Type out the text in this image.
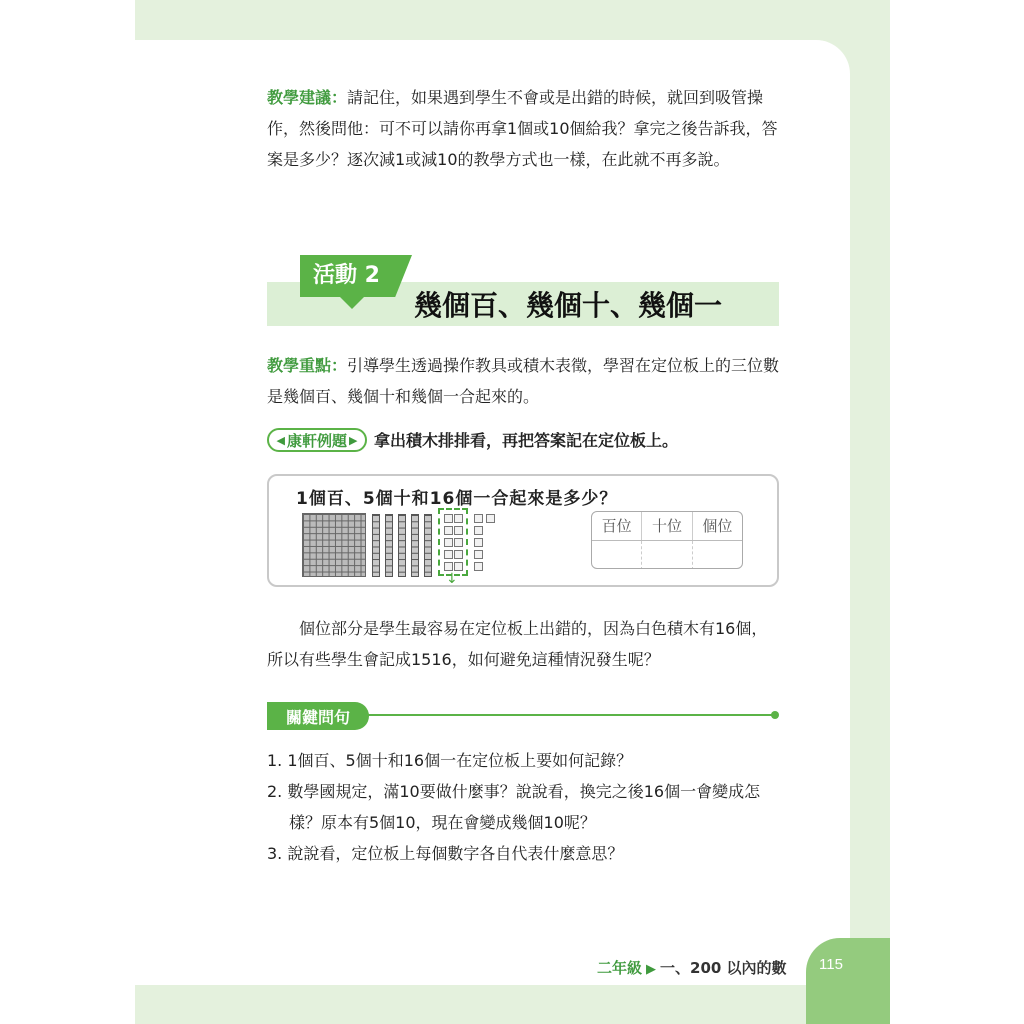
教學建議：請記住，如果遇到學生不會或是出錯的時候，就回到吸管操作，然後問他：可不可以請你再拿1個或10個給我？拿完之後告訴我，答案是多少？逐次減1或減10的教學方式也一樣，在此就不再多說。
活動 2
幾個百、幾個十、幾個一
教學重點：引導學生透過操作教具或積木表徵，學習在定位板上的三位數是幾個百、幾個十和幾個一合起來的。
◀ 康軒例題 ▶ 拿出積木排排看，再把答案記在定位板上。
1個百、5個十和16個一合起來是多少？
↓
百位	十位	個位
個位部分是學生最容易在定位板上出錯的，因為白色積木有16個，所以有些學生會記成1516，如何避免這種情況發生呢？
關鍵問句
1. 1個百、5個十和16個一在定位板上要如何記錄？
2. 數學國規定，滿10要做什麼事？說說看，換完之後16個一會變成怎樣？原本有5個10，現在會變成幾個10呢？
3. 說說看，定位板上每個數字各自代表什麼意思？
二年級 ▶ 一、200 以內的數	115
